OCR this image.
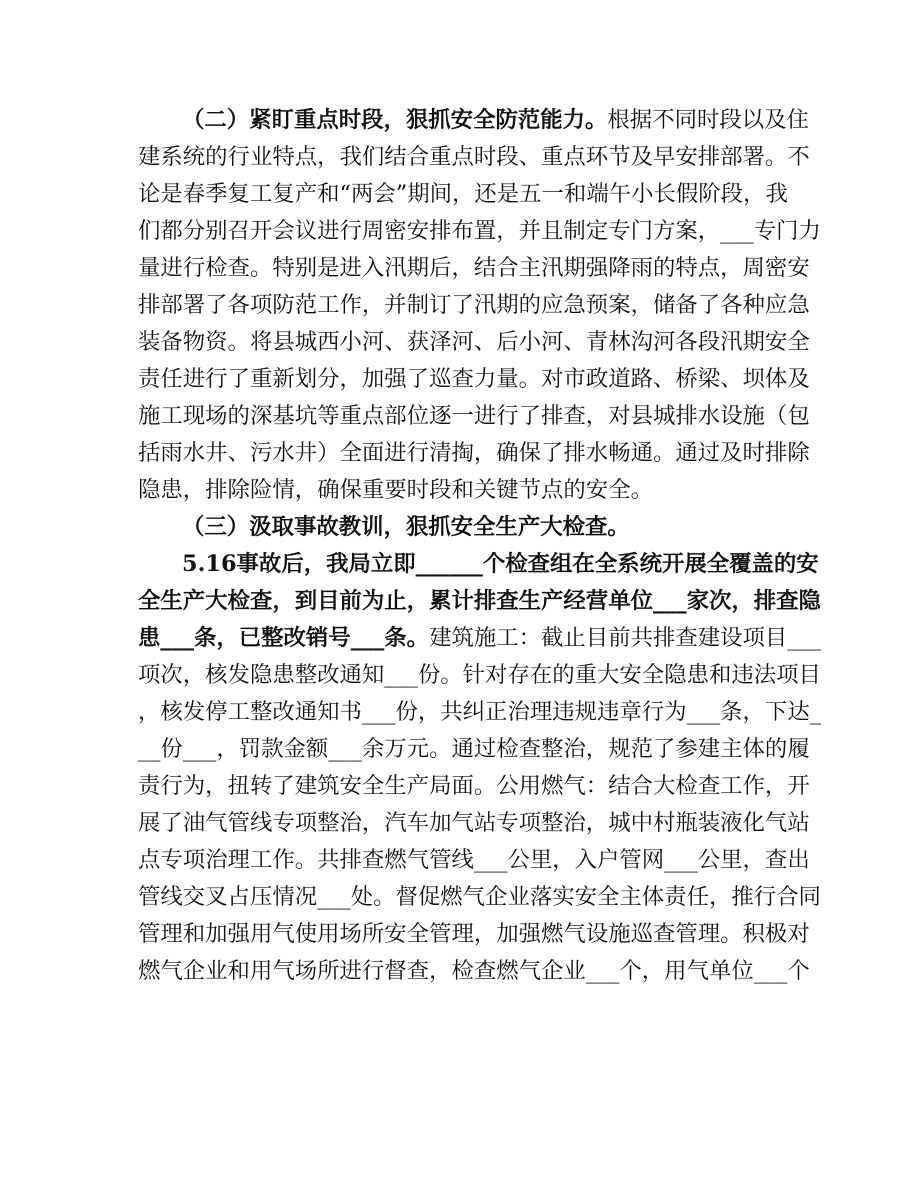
（二）紧盯重点时段，狠抓安全防范能力。根据不同时段以及住
建系统的行业特点，我们结合重点时段、重点环节及早安排部署。不
论是春季复工复产和“两会”期间，还是五一和端午小长假阶段，我
们都分别召开会议进行周密安排布置，并且制定专门方案，___专门力
量进行检查。特别是进入汛期后，结合主汛期强降雨的特点，周密安
排部署了各项防范工作，并制订了汛期的应急预案，储备了各种应急
装备物资。将县城西小河、获泽河、后小河、青林沟河各段汛期安全
责任进行了重新划分，加强了巡查力量。对市政道路、桥梁、坝体及
施工现场的深基坑等重点部位逐一进行了排查，对县城排水设施（包
括雨水井、污水井）全面进行清掏，确保了排水畅通。通过及时排除
隐患，排除险情，确保重要时段和关键节点的安全。
（三）汲取事故教训，狠抓安全生产大检查。
5.16事故后，我局立即______个检查组在全系统开展全覆盖的安
全生产大检查，到目前为止，累计排查生产经营单位___家次，排查隐
患___条，已整改销号___条。建筑施工：截止目前共排查建设项目___
项次，核发隐患整改通知___份。针对存在的重大安全隐患和违法项目
，核发停工整改通知书___份，共纠正治理违规违章行为___条，下达_
__份___，罚款金额___余万元。通过检查整治，规范了参建主体的履
责行为，扭转了建筑安全生产局面。公用燃气：结合大检查工作，开
展了油气管线专项整治，汽车加气站专项整治，城中村瓶装液化气站
点专项治理工作。共排查燃气管线___公里，入户管网___公里，查出
管线交叉占压情况___处。督促燃气企业落实安全主体责任，推行合同
管理和加强用气使用场所安全管理，加强燃气设施巡查管理。积极对
燃气企业和用气场所进行督查，检查燃气企业___个，用气单位___个
